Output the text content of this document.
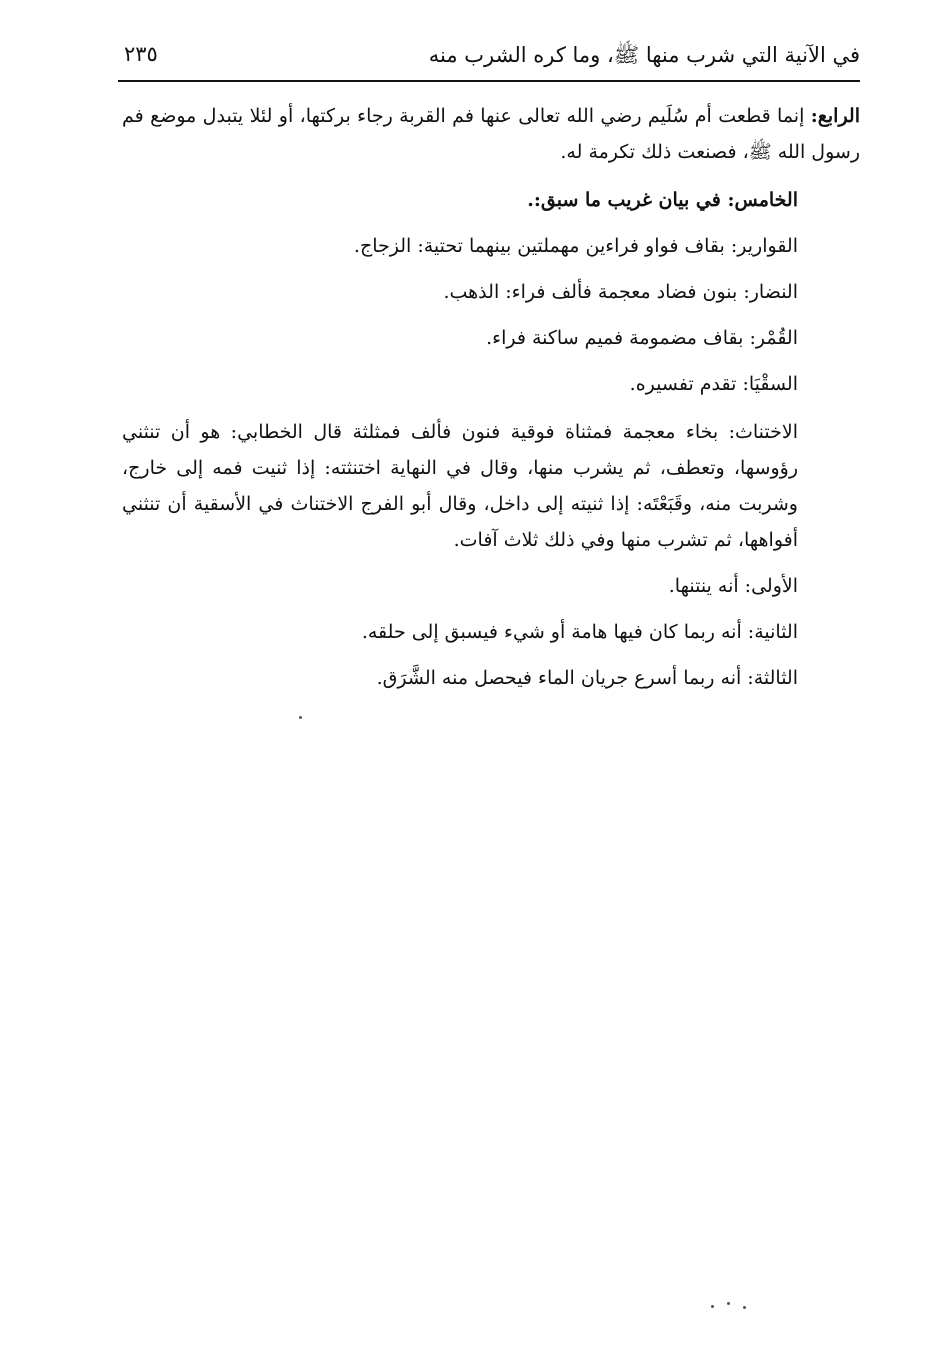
في الآنية التي شرب منها ﷺ، وما كره الشرب منه
٢٣٥

الرابع: إنما قطعت أم سُلَيم رضي الله تعالى عنها فم القربة رجاء بركتها، أو لئلا يتبدل موضع فم رسول الله ﷺ، فصنعت ذلك تكرمة له.

الخامس: في بيان غريب ما سبق:.

القوارير: بقاف فواو فراءين مهملتين بينهما تحتية: الزجاج.

النضار: بنون فضاد معجمة فألف فراء: الذهب.

القُمْر: بقاف مضمومة فميم ساكنة فراء.

السقْيَا: تقدم تفسيره.

الاختناث: بخاء معجمة فمثناة فوقية فنون فألف فمثلثة قال الخطابي: هو أن تنثني رؤوسها، وتعطف، ثم يشرب منها، وقال في النهاية اختنثته: إذا ثنيت فمه إلى خارج، وشربت منه، وقَبَعْتَه: إذا ثنيته إلى داخل، وقال أبو الفرج الاختناث في الأسقية أن تنثني أفواهها، ثم تشرب منها وفي ذلك ثلاث آفات.

الأولى: أنه ينتنها.

الثانية: أنه ربما كان فيها هامة أو شيء فيسبق إلى حلقه.

الثالثة: أنه ربما أسرع جريان الماء فيحصل منه الشَّرَق.
